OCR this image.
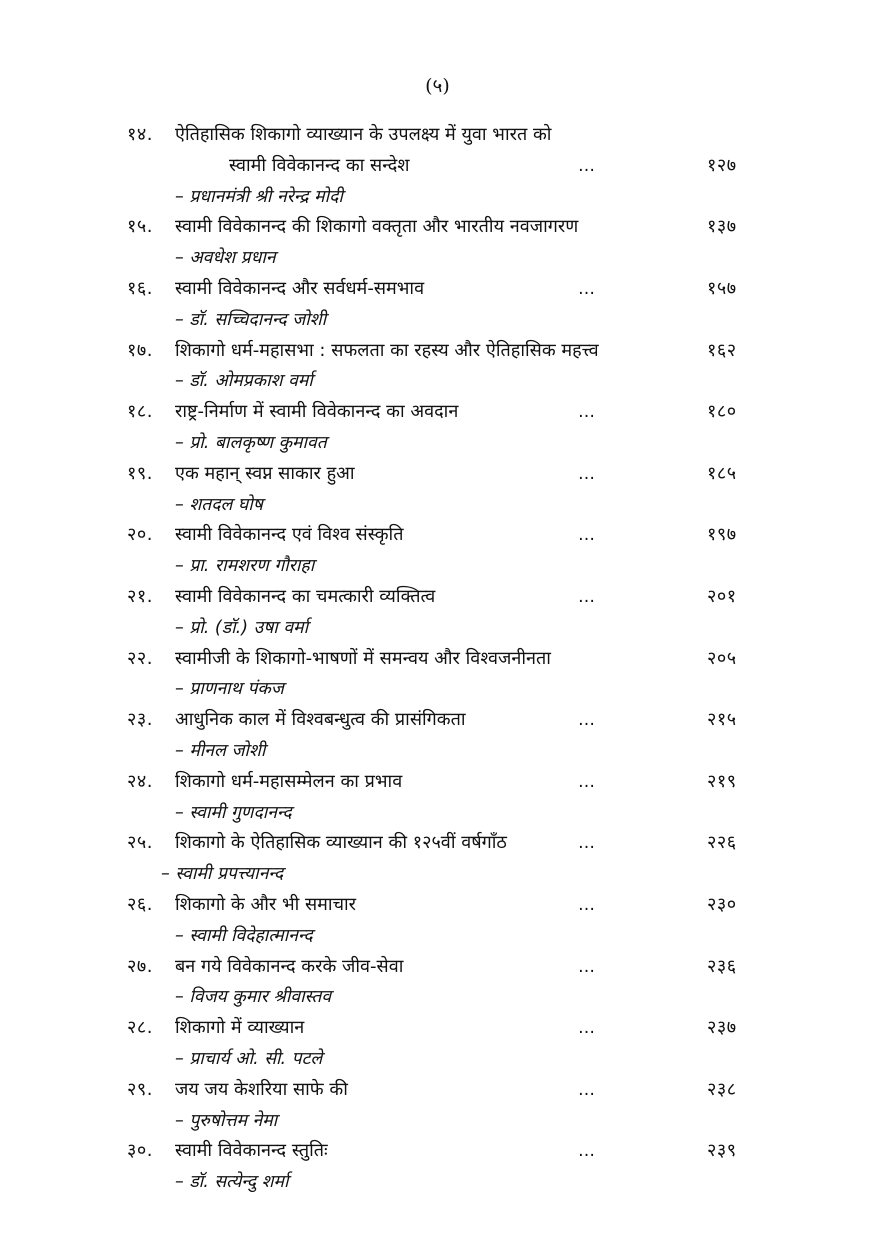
(५)
१४. ऐतिहासिक शिकागो व्याख्यान के उपलक्ष्य में युवा भारत को
स्वामी विवेकानन्द का सन्देश	…	१२७
– प्रधानमंत्री श्री नरेन्द्र मोदी
१५. स्वामी विवेकानन्द की शिकागो वक्तृता और भारतीय नवजागरण	१३७
– अवधेश प्रधान
१६. स्वामी विवेकानन्द और सर्वधर्म-समभाव	…	१५७
– डॉ. सच्चिदानन्द जोशी
१७. शिकागो धर्म-महासभा : सफलता का रहस्य और ऐतिहासिक महत्त्व	१६२
– डॉ. ओमप्रकाश वर्मा
१८. राष्ट्र-निर्माण में स्वामी विवेकानन्द का अवदान	…	१८०
– प्रो. बालकृष्ण कुमावत
१९. एक महान् स्वप्न साकार हुआ	…	१८५
– शतदल घोष
२०. स्वामी विवेकानन्द एवं विश्व संस्कृति	…	१९७
– प्रा. रामशरण गौराहा
२१. स्वामी विवेकानन्द का चमत्कारी व्यक्तित्व	…	२०१
– प्रो. (डॉ.) उषा वर्मा
२२. स्वामीजी के शिकागो-भाषणों में समन्वय और विश्वजनीनता	२०५
– प्राणनाथ पंकज
२३. आधुनिक काल में विश्वबन्धुत्व की प्रासंगिकता	…	२१५
– मीनल जोशी
२४. शिकागो धर्म-महासम्मेलन का प्रभाव	…	२१९
– स्वामी गुणदानन्द
२५. शिकागो के ऐतिहासिक व्याख्यान की १२५वीं वर्षगाँठ	…	२२६
– स्वामी प्रपत्त्यानन्द
२६. शिकागो के और भी समाचार	…	२३०
– स्वामी विदेहात्मानन्द
२७. बन गये विवेकानन्द करके जीव-सेवा	…	२३६
– विजय कुमार श्रीवास्तव
२८. शिकागो में व्याख्यान	…	२३७
– प्राचार्य ओ. सी. पटले
२९. जय जय केशरिया साफे की	…	२३८
– पुरुषोत्तम नेमा
३०. स्वामी विवेकानन्द स्तुतिः	…	२३९
– डॉ. सत्येन्दु शर्मा
